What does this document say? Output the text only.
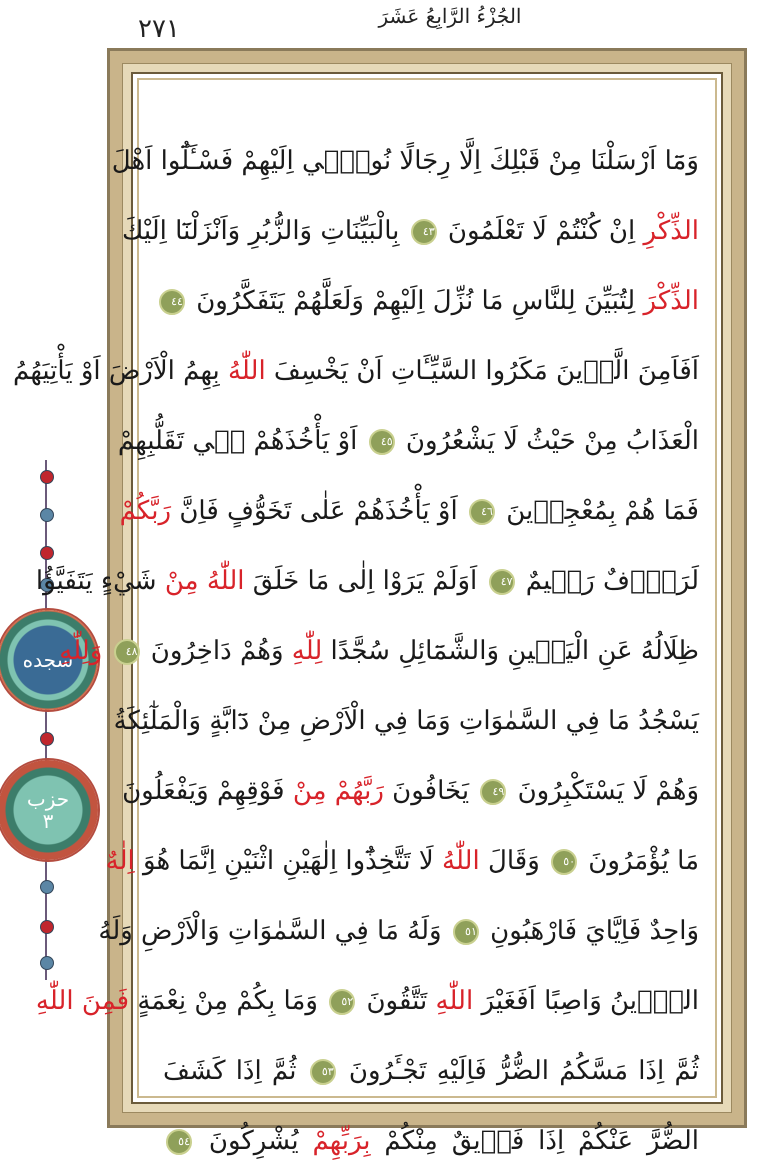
٢٧١	الجُزْءُ الرَّابِعُ عَشَرَ
سجده
حزب
٣
وَمَٓا اَرْسَلْنَا مِنْ قَبْلِكَ اِلَّا رِجَالًا نُوحٖٓي اِلَيْهِمْ فَسْـَٔلُٓوا اَهْلَ
الذِّكْرِ اِنْ كُنْتُمْ لَا تَعْلَمُونَ ٤٣ بِالْبَيِّنَاتِ وَالزُّبُرِ وَاَنْزَلْنَٓا اِلَيْكَ
الذِّكْرَ لِتُبَيِّنَ لِلنَّاسِ مَا نُزِّلَ اِلَيْهِمْ وَلَعَلَّهُمْ يَتَفَكَّرُونَ ٤٤
اَفَاَمِنَ الَّذٖينَ مَكَرُوا السَّيِّـَٔاتِ اَنْ يَخْسِفَ اللّٰهُ بِهِمُ الْاَرْضَ اَوْ يَأْتِيَهُمُ
الْعَذَابُ مِنْ حَيْثُ لَا يَشْعُرُونَ ٤٥ اَوْ يَأْخُذَهُمْ فٖي تَقَلُّبِهِمْ
فَمَا هُمْ بِمُعْجِزٖينَ ٤٦ اَوْ يَأْخُذَهُمْ عَلٰى تَخَوُّفٍ فَاِنَّ رَبَّكُمْ
لَرَؤُ۫فٌ رَحٖيمٌ ٤٧ اَوَلَمْ يَرَوْا اِلٰى مَا خَلَقَ اللّٰهُ مِنْ شَيْءٍ يَتَفَيَّؤُا
ظِلَالُهُ عَنِ الْيَمٖينِ وَالشَّمَٓائِلِ سُجَّدًا لِلّٰهِ وَهُمْ دَاخِرُونَ ٤٨ وَلِلّٰهِ
يَسْجُدُ مَا فِي السَّمٰوَاتِ وَمَا فِي الْاَرْضِ مِنْ دَٓابَّةٍ وَالْمَلٰٓئِكَةُ
وَهُمْ لَا يَسْتَكْبِرُونَ ٤٩ يَخَافُونَ رَبَّهُمْ مِنْ فَوْقِهِمْ وَيَفْعَلُونَ
مَا يُؤْمَرُونَ ٥٠ وَقَالَ اللّٰهُ لَا تَتَّخِذُٓوا اِلٰهَيْنِ اثْنَيْنِ اِنَّمَا هُوَ اِلٰهٌ
وَاحِدٌ فَاِيَّايَ فَارْهَبُونِ ٥١ وَلَهُ مَا فِي السَّمٰوَاتِ وَالْاَرْضِ وَلَهُ
الدّٖينُ وَاصِبًا اَفَغَيْرَ اللّٰهِ تَتَّقُونَ ٥٢ وَمَا بِكُمْ مِنْ نِعْمَةٍ فَمِنَ اللّٰهِ
ثُمَّ اِذَا مَسَّكُمُ الضُّرُّ فَاِلَيْهِ تَجْـَٔرُونَ ٥٣ ثُمَّ اِذَا كَشَفَ
الضُّرَّ عَنْكُمْ اِذَا فَرٖيقٌ مِنْكُمْ بِرَبِّهِمْ يُشْرِكُونَ ٥٤
